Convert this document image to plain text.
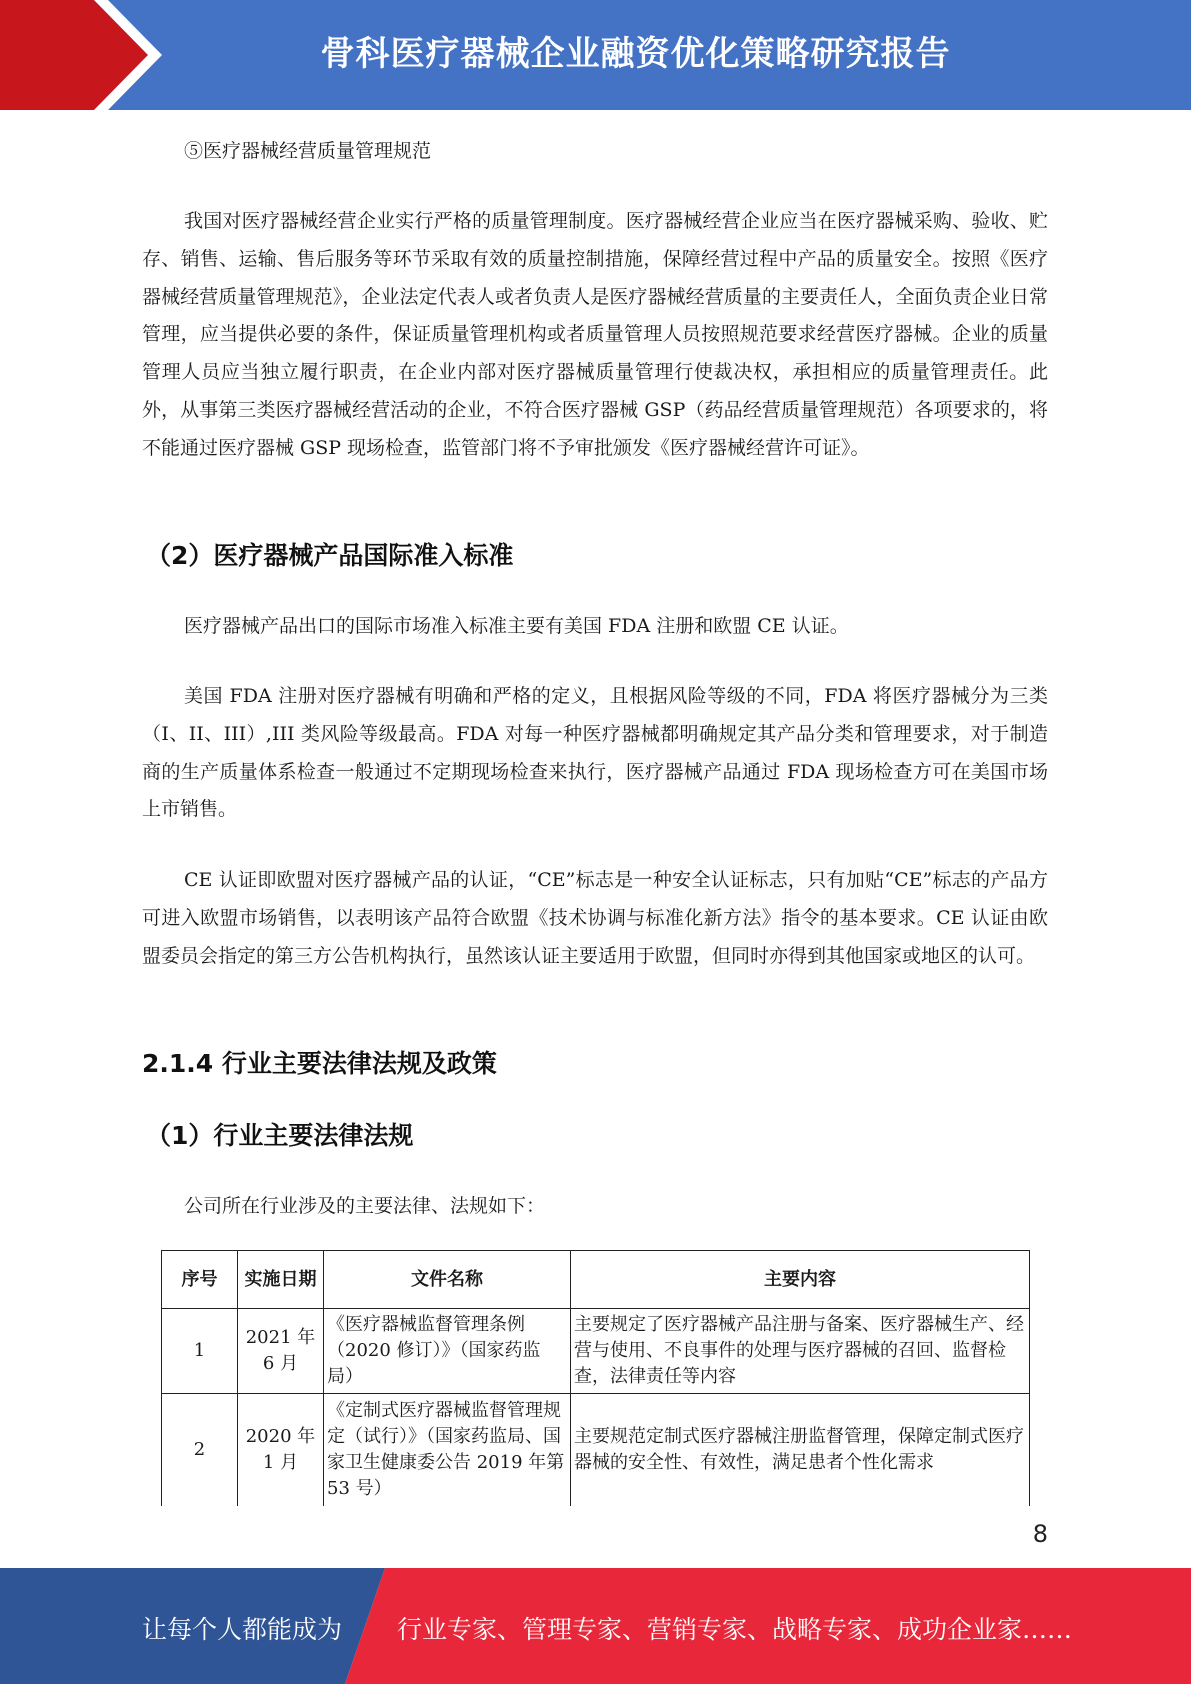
骨科医疗器械企业融资优化策略研究报告

⑤医疗器械经营质量管理规范

我国对医疗器械经营企业实行严格的质量管理制度。医疗器械经营企业应当在医疗器械采购、验收、贮存、销售、运输、售后服务等环节采取有效的质量控制措施，保障经营过程中产品的质量安全。按照《医疗器械经营质量管理规范》，企业法定代表人或者负责人是医疗器械经营质量的主要责任人，全面负责企业日常管理，应当提供必要的条件，保证质量管理机构或者质量管理人员按照规范要求经营医疗器械。企业的质量管理人员应当独立履行职责，在企业内部对医疗器械质量管理行使裁决权，承担相应的质量管理责任。此外，从事第三类医疗器械经营活动的企业，不符合医疗器械 GSP（药品经营质量管理规范）各项要求的，将不能通过医疗器械 GSP 现场检查，监管部门将不予审批颁发《医疗器械经营许可证》。

（2）医疗器械产品国际准入标准

医疗器械产品出口的国际市场准入标准主要有美国 FDA 注册和欧盟 CE 认证。

美国 FDA 注册对医疗器械有明确和严格的定义，且根据风险等级的不同，FDA 将医疗器械分为三类（I、II、III）,III 类风险等级最高。FDA 对每一种医疗器械都明确规定其产品分类和管理要求，对于制造商的生产质量体系检查一般通过不定期现场检查来执行，医疗器械产品通过 FDA 现场检查方可在美国市场上市销售。

CE 认证即欧盟对医疗器械产品的认证，“CE”标志是一种安全认证标志，只有加贴“CE”标志的产品方可进入欧盟市场销售，以表明该产品符合欧盟《技术协调与标准化新方法》指令的基本要求。CE 认证由欧盟委员会指定的第三方公告机构执行，虽然该认证主要适用于欧盟，但同时亦得到其他国家或地区的认可。

2.1.4 行业主要法律法规及政策
（1）行业主要法律法规

公司所在行业涉及的主要法律、法规如下：

序号	实施日期	文件名称	主要内容
1	2021 年 6 月	《医疗器械监督管理条例（2020 修订）》（国家药监局）	主要规定了医疗器械产品注册与备案、医疗器械生产、经营与使用、不良事件的处理与医疗器械的召回、监督检查，法律责任等内容
2	2020 年 1 月	《定制式医疗器械监督管理规定（试行）》（国家药监局、国家卫生健康委公告 2019 年第 53 号）	主要规范定制式医疗器械注册监督管理，保障定制式医疗器械的安全性、有效性，满足患者个性化需求
8
让每个人都能成为 行业专家、管理专家、营销专家、战略专家、成功企业家……
